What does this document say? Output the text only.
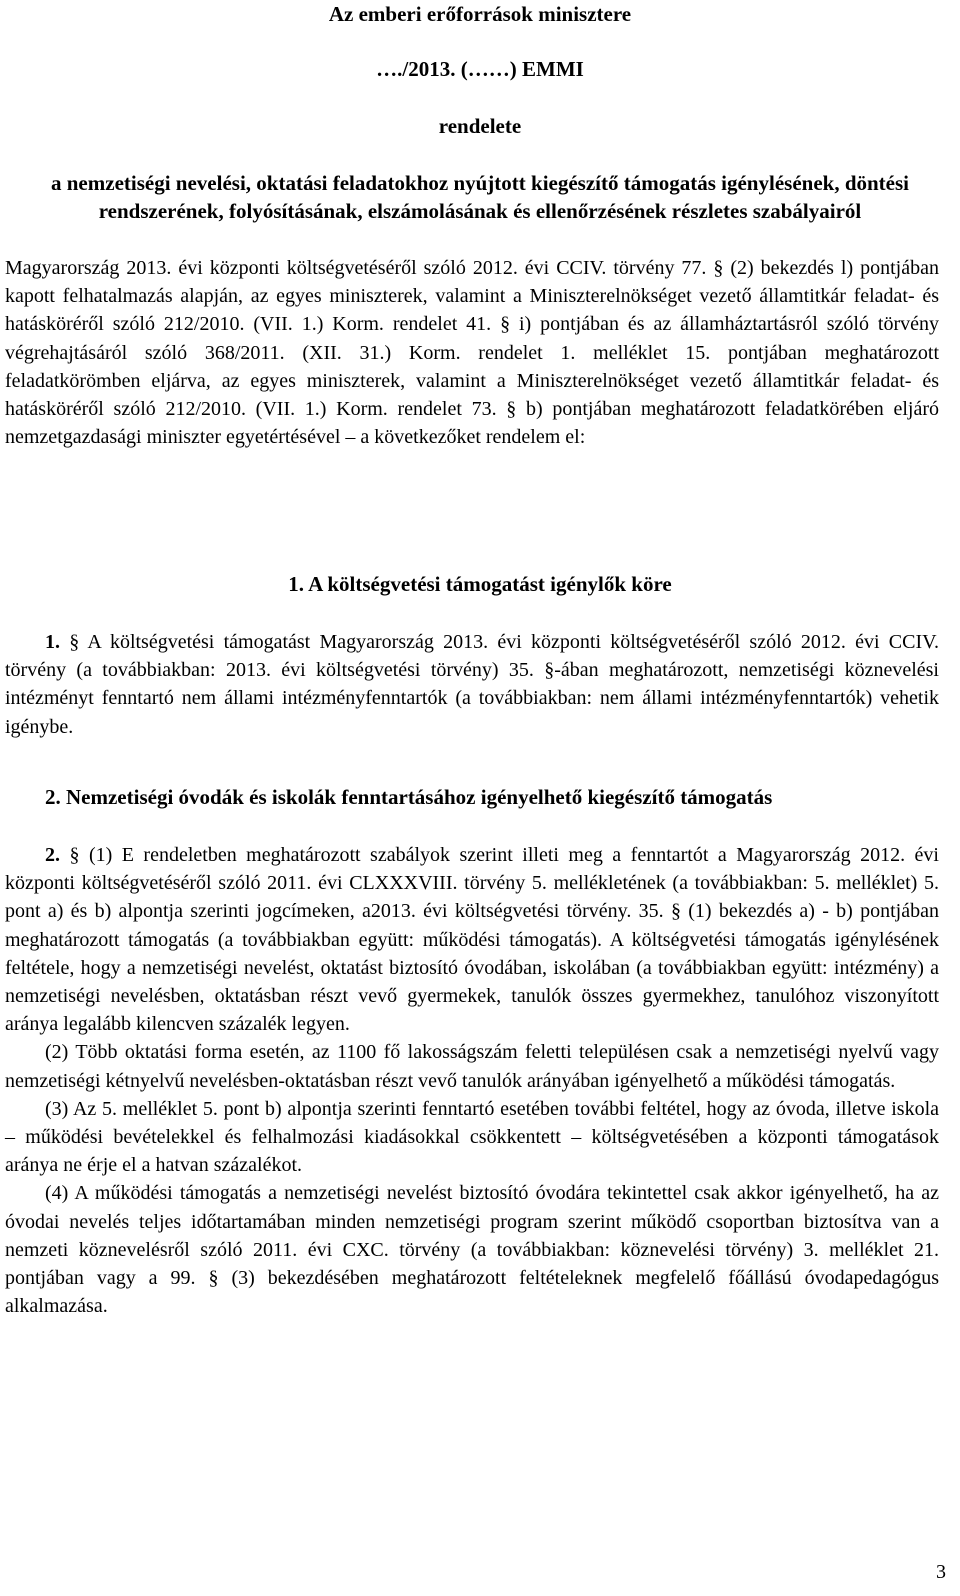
Az emberi erőforrások minisztere

…./2013. (……) EMMI

rendelete

a nemzetiségi nevelési, oktatási feladatokhoz nyújtott kiegészítő támogatás igénylésének, döntési rendszerének, folyósításának, elszámolásának és ellenőrzésének részletes szabályairól

Magyarország 2013. évi központi költségvetéséről szóló 2012. évi CCIV. törvény 77. § (2) bekezdés l) pontjában kapott felhatalmazás alapján, az egyes miniszterek, valamint a Miniszterelnökséget vezető államtitkár feladat- és hatásköréről szóló 212/2010. (VII. 1.) Korm. rendelet 41. § i) pontjában és az államháztartásról szóló törvény végrehajtásáról szóló 368/2011. (XII. 31.) Korm. rendelet 1. melléklet 15. pontjában meghatározott feladatkörömben eljárva, az egyes miniszterek, valamint a Miniszterelnökséget vezető államtitkár feladat- és hatásköréről szóló 212/2010. (VII. 1.) Korm. rendelet 73. § b) pontjában meghatározott feladatkörében eljáró nemzetgazdasági miniszter egyetértésével – a következőket rendelem el:

1. A költségvetési támogatást igénylők köre

1. § A költségvetési támogatást Magyarország 2013. évi központi költségvetéséről szóló 2012. évi CCIV. törvény (a továbbiakban: 2013. évi költségvetési törvény) 35. §-ában meghatározott, nemzetiségi köznevelési intézményt fenntartó nem állami intézményfenntartók (a továbbiakban: nem állami intézményfenntartók) vehetik igénybe.

2. Nemzetiségi óvodák és iskolák fenntartásához igényelhető kiegészítő támogatás

2. § (1) E rendeletben meghatározott szabályok szerint illeti meg a fenntartót a Magyarország 2012. évi központi költségvetéséről szóló 2011. évi CLXXXVIII. törvény 5. mellékletének (a továbbiakban: 5. melléklet) 5. pont a) és b) alpontja szerinti jogcímeken, a2013. évi költségvetési törvény. 35. § (1) bekezdés a) - b) pontjában meghatározott támogatás (a továbbiakban együtt: működési támogatás). A költségvetési támogatás igénylésének feltétele, hogy a nemzetiségi nevelést, oktatást biztosító óvodában, iskolában (a továbbiakban együtt: intézmény) a nemzetiségi nevelésben, oktatásban részt vevő gyermekek, tanulók összes gyermekhez, tanulóhoz viszonyított aránya legalább kilencven százalék legyen.

(2) Több oktatási forma esetén, az 1100 fő lakosságszám feletti településen csak a nemzetiségi nyelvű vagy nemzetiségi kétnyelvű nevelésben-oktatásban részt vevő tanulók arányában igényelhető a működési támogatás.

(3) Az 5. melléklet 5. pont b) alpontja szerinti fenntartó esetében további feltétel, hogy az óvoda, illetve iskola – működési bevételekkel és felhalmozási kiadásokkal csökkentett – költségvetésében a központi támogatások aránya ne érje el a hatvan százalékot.

(4) A működési támogatás a nemzetiségi nevelést biztosító óvodára tekintettel csak akkor igényelhető, ha az óvodai nevelés teljes időtartamában minden nemzetiségi program szerint működő csoportban biztosítva van a nemzeti köznevelésről szóló 2011. évi CXC. törvény (a továbbiakban: köznevelési törvény) 3. melléklet 21. pontjában vagy a 99. § (3) bekezdésében meghatározott feltételeknek megfelelő főállású óvodapedagógus alkalmazása.

3
